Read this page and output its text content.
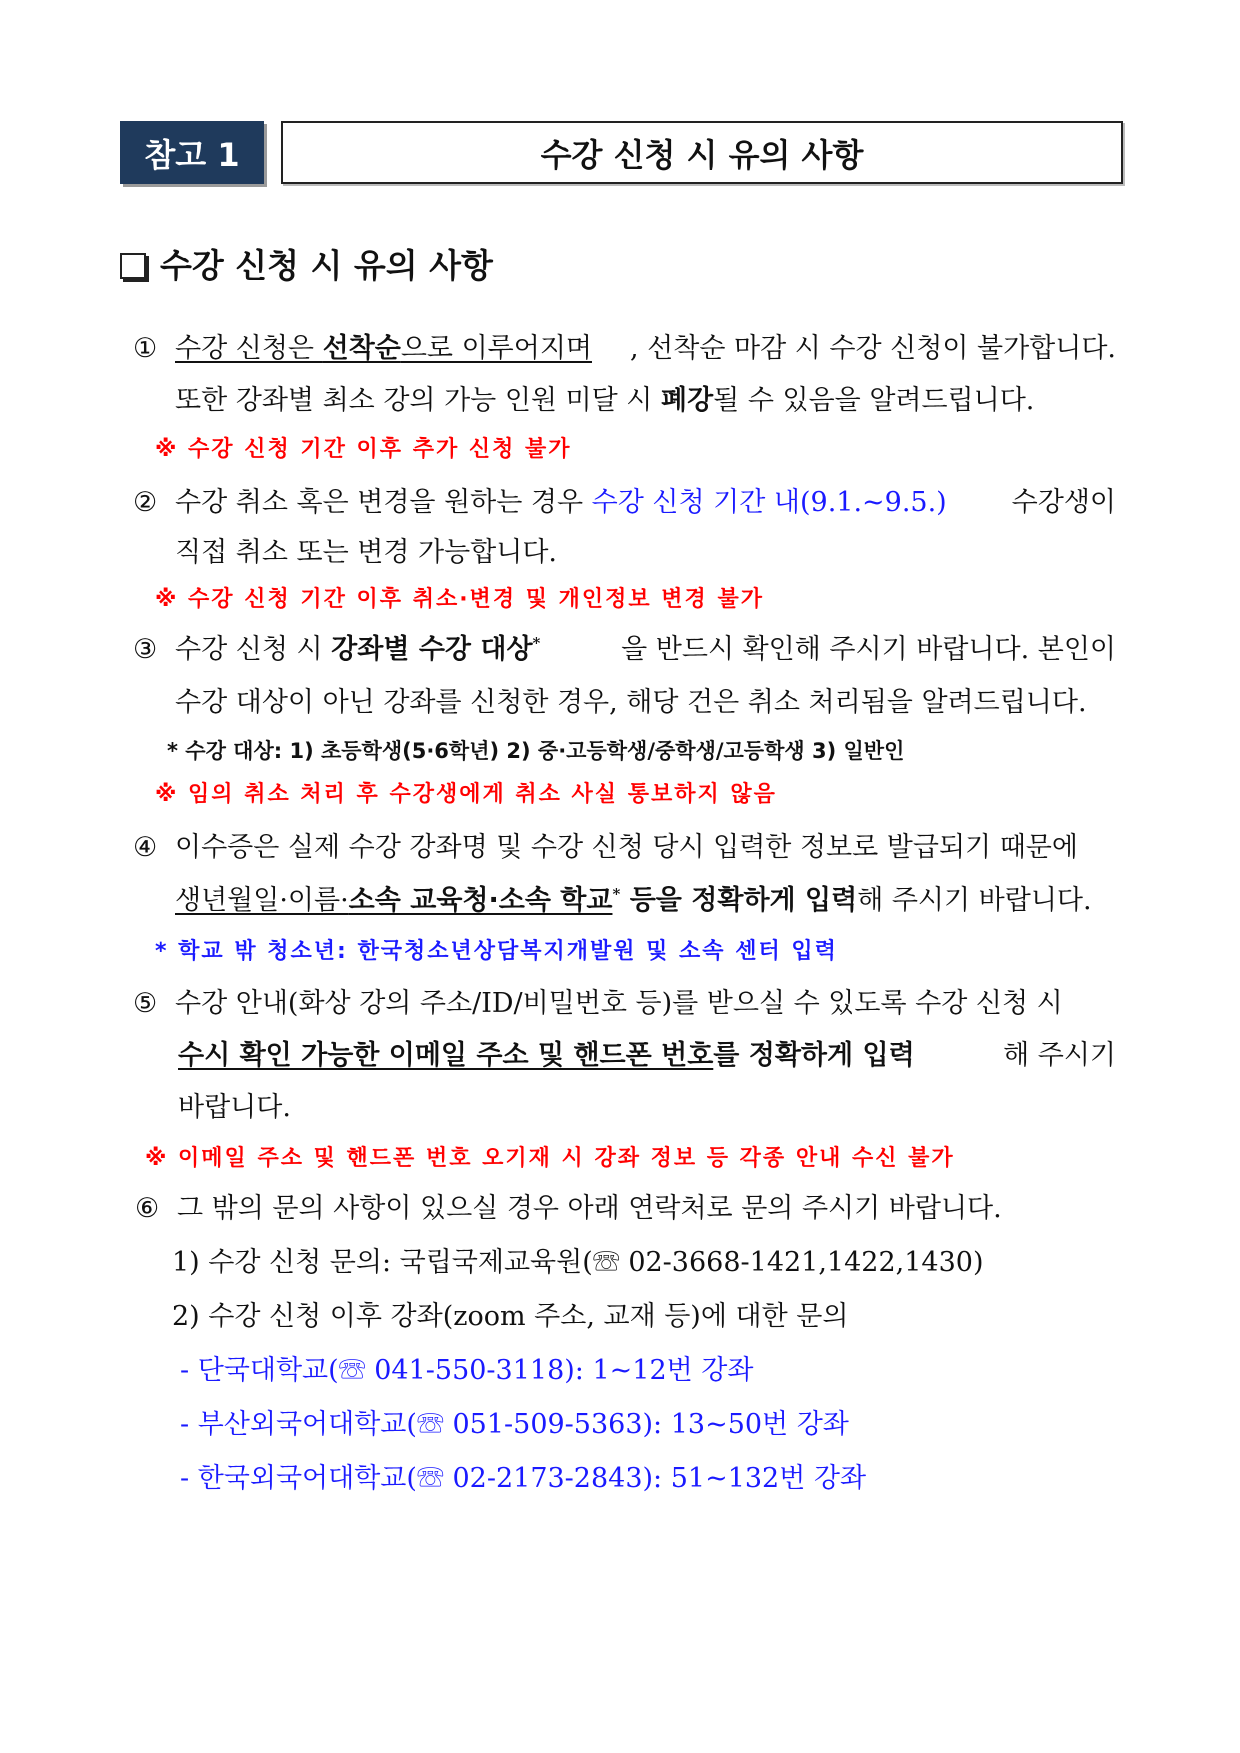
참고 1	수강 신청 시 유의 사항
수강 신청 시 유의 사항
① 수강 신청은 선착순으로 이루어지며 , 선착순 마감 시 수강 신청이 불가합니다.
또한 강좌별 최소 강의 가능 인원 미달 시 폐강될 수 있음을 알려드립니다.
※ 수강 신청 기간 이후 추가 신청 불가
② 수강 취소 혹은 변경을 원하는 경우 수강 신청 기간 내(9.1.~9.5.) 수강생이
직접 취소 또는 변경 가능합니다.
※ 수강 신청 기간 이후 취소·변경 및 개인정보 변경 불가
③ 수강 신청 시 강좌별 수강 대상*	을 반드시 확인해 주시기 바랍니다. 본인이
수강 대상이 아닌 강좌를 신청한 경우, 해당 건은 취소 처리됨을 알려드립니다.
* 수강 대상: 1) 초등학생(5·6학년) 2) 중·고등학생/중학생/고등학생 3) 일반인
※ 임의 취소 처리 후 수강생에게 취소 사실 통보하지 않음
④ 이수증은 실제 수강 강좌명 및 수강 신청 당시 입력한 정보로 발급되기 때문에
생년월일·이름·소속 교육청·소속 학교* 등을 정확하게 입력해 주시기 바랍니다.
* 학교 밖 청소년: 한국청소년상담복지개발원 및 소속 센터 입력
⑤ 수강 안내(화상 강의 주소/ID/비밀번호 등)를 받으실 수 있도록 수강 신청 시
수시 확인 가능한 이메일 주소 및 핸드폰 번호를 정확하게 입력	해 주시기
바랍니다.
※ 이메일 주소 및 핸드폰 번호 오기재 시 강좌 정보 등 각종 안내 수신 불가
⑥ 그 밖의 문의 사항이 있으실 경우 아래 연락처로 문의 주시기 바랍니다.
1) 수강 신청 문의: 국립국제교육원(☏ 02-3668-1421,1422,1430)
2) 수강 신청 이후 강좌(zoom 주소, 교재 등)에 대한 문의
- 단국대학교(☏ 041-550-3118): 1~12번 강좌
- 부산외국어대학교(☏ 051-509-5363): 13~50번 강좌
- 한국외국어대학교(☏ 02-2173-2843): 51~132번 강좌
